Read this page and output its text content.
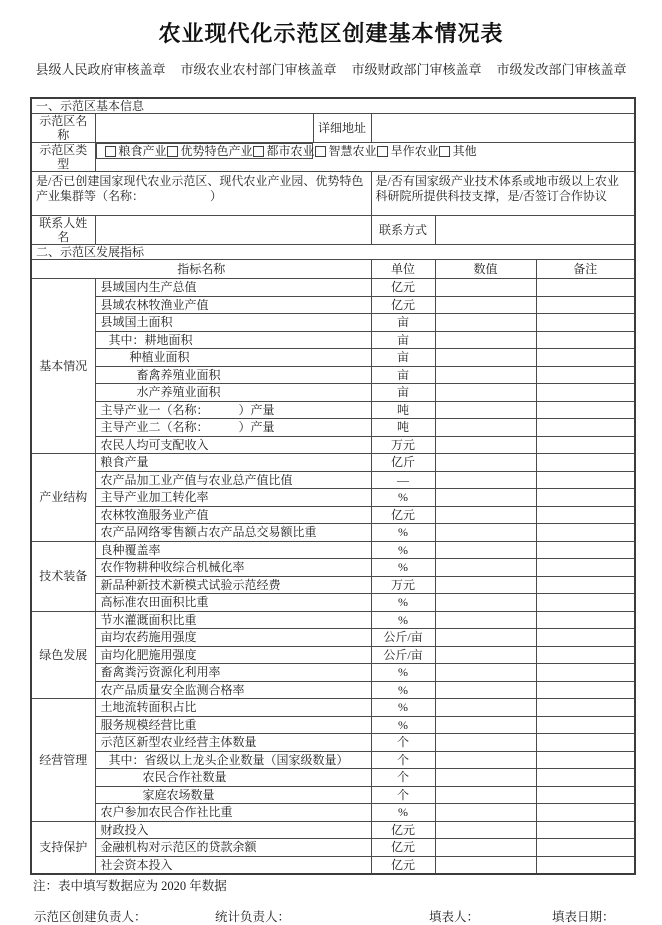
农业现代化示范区创建基本情况表
县级人民政府审核盖章 市级农业农村部门审核盖章 市级财政部门审核盖章 市级发改部门审核盖章
一、示范区基本信息					
示范区名称		详细地址			
示范区类型	
粮食产业 优势特色产业 都市农业 智慧农业 旱作农业 其他

是/否已创建国家现代农业示范区、现代农业产业园、优势特色产业集群等（名称：　　　　　　）			是/否有国家级产业技术体系或地市级以上农业科研院所提供科技支撑，是/否签订合作协议		
联系人姓名			联系方式		
二、示范区发展指标					
指标名称			单位	数值	备注
基本情况	县域国内生产总值		亿元		
	县域农林牧渔业产值		亿元		
	县域国土面积		亩		
	其中：耕地面积		亩		
	种植业面积		亩		
	畜禽养殖业面积		亩		
	水产养殖业面积		亩		
	主导产业一（名称：　　　）产量		吨		
	主导产业二（名称：　　　）产量		吨		
	农民人均可支配收入		万元		
产业结构	粮食产量		亿斤		
	农产品加工业产值与农业总产值比值		—		
	主导产业加工转化率		%		
	农林牧渔服务业产值		亿元		
	农产品网络零售额占农产品总交易额比重		%		
技术装备	良种覆盖率		%		
	农作物耕种收综合机械化率		%		
	新品种新技术新模式试验示范经费		万元		
	高标准农田面积比重		%		
绿色发展	节水灌溉面积比重		%		
	亩均农药施用强度		公斤/亩		
	亩均化肥施用强度		公斤/亩		
	畜禽粪污资源化利用率		%		
	农产品质量安全监测合格率		%		
经营管理	土地流转面积占比		%		
	服务规模经营比重		%		
	示范区新型农业经营主体数量		个		
	其中：省级以上龙头企业数量（国家级数量）		个		
	农民合作社数量		个		
	家庭农场数量		个		
	农户参加农民合作社比重		%		
支持保护	财政投入		亿元		
	金融机构对示范区的贷款余额		亿元		
	社会资本投入		亿元		
注：表中填写数据应为 2020 年数据
示范区创建负责人：	统计负责人：	填表人：	填表日期：
